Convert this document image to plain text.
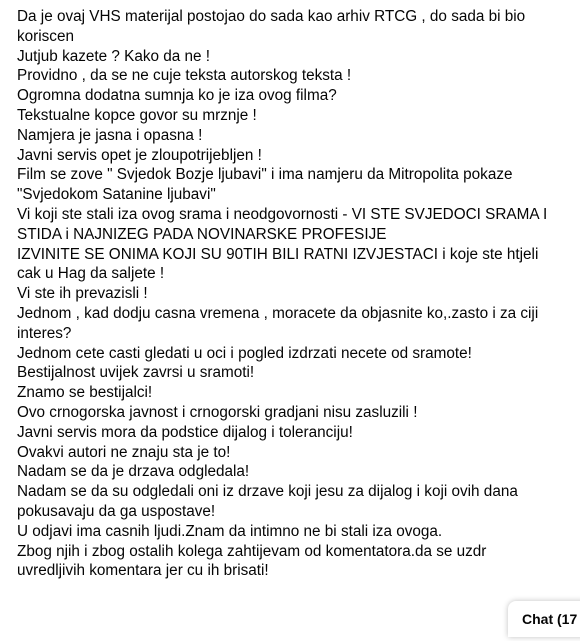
Da je ovaj VHS materijal postojao do sada kao arhiv RTCG , do sada bi bio
koriscen
Jutjub kazete ? Kako da ne !
Providno , da se ne cuje teksta autorskog teksta !
Ogromna dodatna sumnja ko je iza ovog filma?
Tekstualne kopce govor su mrznje !
Namjera je jasna i opasna !
Javni servis opet je zloupotrijebljen !
Film se zove " Svjedok Bozje ljubavi" i ima namjeru da Mitropolita pokaze
"Svjedokom Satanine ljubavi"
Vi koji ste stali iza ovog srama i neodgovornosti - VI STE SVJEDOCI SRAMA I
STIDA i NAJNIZEG PADA NOVINARSKE PROFESIJE
IZVINITE SE ONIMA KOJI SU 90TIH BILI RATNI IZVJESTACI i koje ste htjeli
cak u Hag da saljete !
Vi ste ih prevazisli !
Jednom , kad dodju casna vremena , moracete da objasnite ko,.zasto i za ciji
interes?
Jednom cete casti gledati u oci i pogled izdrzati necete od sramote!
Bestijalnost uvijek zavrsi u sramoti!
Znamo se bestijalci!
Ovo crnogorska javnost i crnogorski gradjani nisu zasluzili !
Javni servis mora da podstice dijalog i toleranciju!
Ovakvi autori ne znaju sta je to!
Nadam se da je drzava odgledala!
Nadam se da su odgledali oni iz drzave koji jesu za dijalog i koji ovih dana
pokusavaju da ga uspostave!
U odjavi ima casnih ljudi.Znam da intimno ne bi stali iza ovoga.
Zbog njih i zbog ostalih kolega zahtijevam od komentatora.da se uzdr
uvredljivih komentara jer cu ih brisati!
Chat (17
